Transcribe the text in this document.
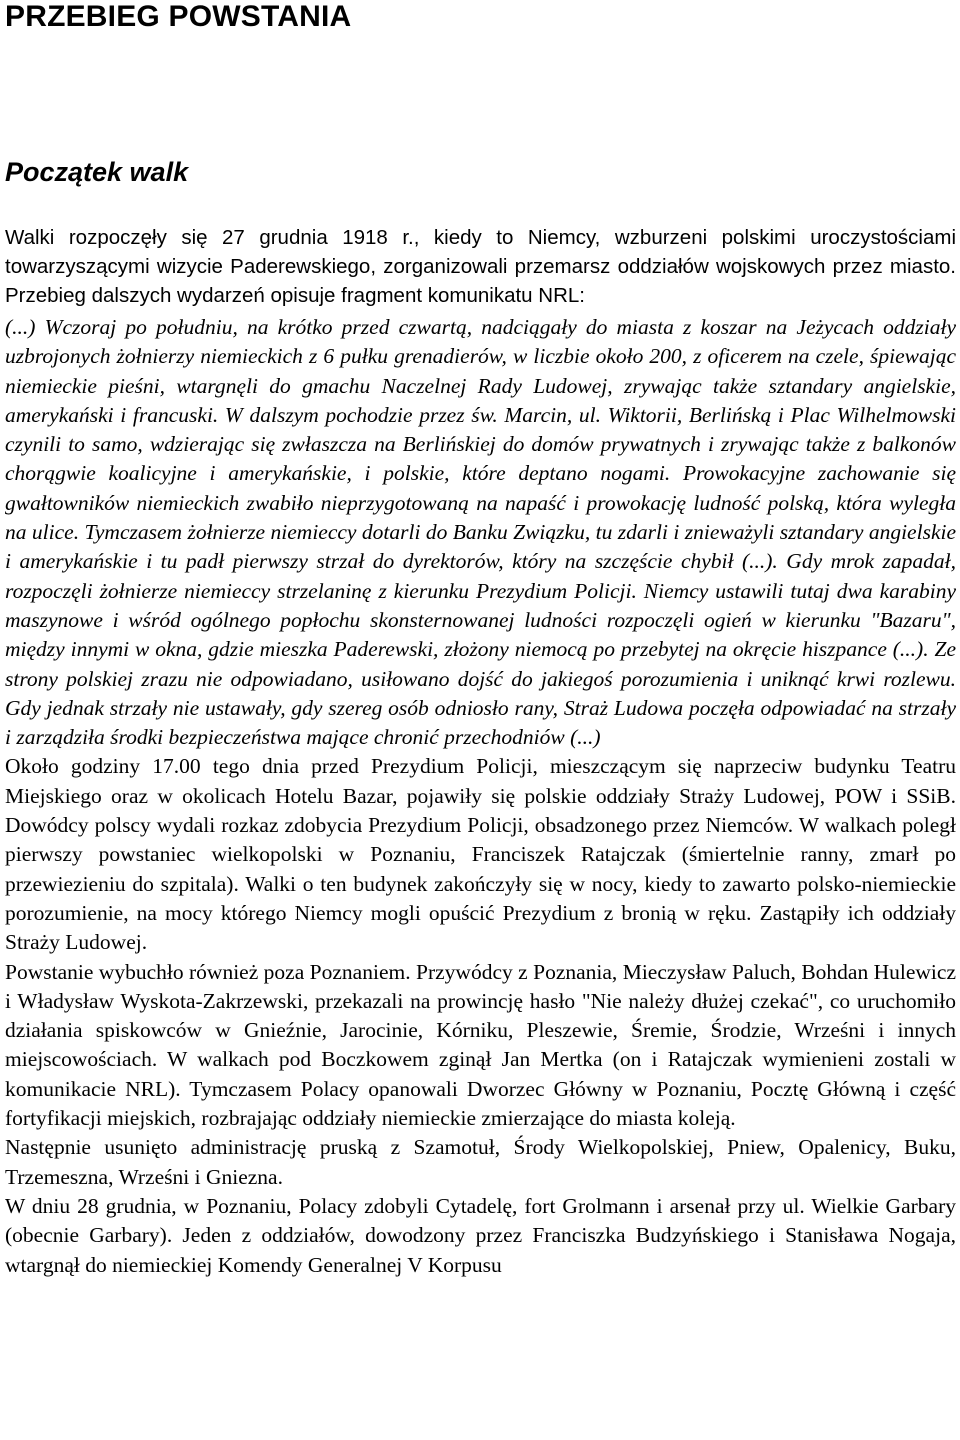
PRZEBIEG POWSTANIA
Początek walk

Walki rozpoczęły się 27 grudnia 1918 r., kiedy to Niemcy, wzburzeni polskimi uroczystościami towarzyszącymi wizycie Paderewskiego, zorganizowali przemarsz oddziałów wojskowych przez miasto. Przebieg dalszych wydarzeń opisuje fragment komunikatu NRL:

(...) Wczoraj po południu, na krótko przed czwartą, nadciągały do miasta z koszar na Jeżycach oddziały uzbrojonych żołnierzy niemieckich z 6 pułku grenadierów, w liczbie około 200, z oficerem na czele, śpiewając niemieckie pieśni, wtargnęli do gmachu Naczelnej Rady Ludowej, zrywając także sztandary angielskie, amerykański i francuski. W dalszym pochodzie przez św. Marcin, ul. Wiktorii, Berlińską i Plac Wilhelmowski czynili to samo, wdzierając się zwłaszcza na Berlińskiej do domów prywatnych i zrywając także z balkonów chorągwie koalicyjne i amerykańskie, i polskie, które deptano nogami. Prowokacyjne zachowanie się gwałtowników niemieckich zwabiło nieprzygotowaną na napaść i prowokację ludność polską, która wyległa na ulice. Tymczasem żołnierze niemieccy dotarli do Banku Związku, tu zdarli i znieważyli sztandary angielskie i amerykańskie i tu padł pierwszy strzał do dyrektorów, który na szczęście chybił (...). Gdy mrok zapadał, rozpoczęli żołnierze niemieccy strzelaninę z kierunku Prezydium Policji. Niemcy ustawili tutaj dwa karabiny maszynowe i wśród ogólnego popłochu skonsternowanej ludności rozpoczęli ogień w kierunku "Bazaru", między innymi w okna, gdzie mieszka Paderewski, złożony niemocą po przebytej na okręcie hiszpance (...). Ze strony polskiej zrazu nie odpowiadano, usiłowano dojść do jakiegoś porozumienia i uniknąć krwi rozlewu. Gdy jednak strzały nie ustawały, gdy szereg osób odniosło rany, Straż Ludowa poczęła odpowiadać na strzały i zarządziła środki bezpieczeństwa mające chronić przechodniów (...)

Około godziny 17.00 tego dnia przed Prezydium Policji, mieszczącym się naprzeciw budynku Teatru Miejskiego oraz w okolicach Hotelu Bazar, pojawiły się polskie oddziały Straży Ludowej, POW i SSiB. Dowódcy polscy wydali rozkaz zdobycia Prezydium Policji, obsadzonego przez Niemców. W walkach poległ pierwszy powstaniec wielkopolski w Poznaniu, Franciszek Ratajczak (śmiertelnie ranny, zmarł po przewiezieniu do szpitala). Walki o ten budynek zakończyły się w nocy, kiedy to zawarto polsko-niemieckie porozumienie, na mocy którego Niemcy mogli opuścić Prezydium z bronią w ręku. Zastąpiły ich oddziały Straży Ludowej.

Powstanie wybuchło również poza Poznaniem. Przywódcy z Poznania, Mieczysław Paluch, Bohdan Hulewicz i Władysław Wyskota-Zakrzewski, przekazali na prowincję hasło "Nie należy dłużej czekać", co uruchomiło działania spiskowców w Gnieźnie, Jarocinie, Kórniku, Pleszewie, Śremie, Środzie, Wrześni i innych miejscowościach. W walkach pod Boczkowem zginął Jan Mertka (on i Ratajczak wymienieni zostali w komunikacie NRL). Tymczasem Polacy opanowali Dworzec Główny w Poznaniu, Pocztę Główną i część fortyfikacji miejskich, rozbrajając oddziały niemieckie zmierzające do miasta koleją.

Następnie usunięto administrację pruską z Szamotuł, Środy Wielkopolskiej, Pniew, Opalenicy, Buku, Trzemeszna, Wrześni i Gniezna.

W dniu 28 grudnia, w Poznaniu, Polacy zdobyli Cytadelę, fort Grolmann i arsenał przy ul. Wielkie Garbary (obecnie Garbary). Jeden z oddziałów, dowodzony przez Franciszka Budzyńskiego i Stanisława Nogaja, wtargnął do niemieckiej Komendy Generalnej V Korpusu
